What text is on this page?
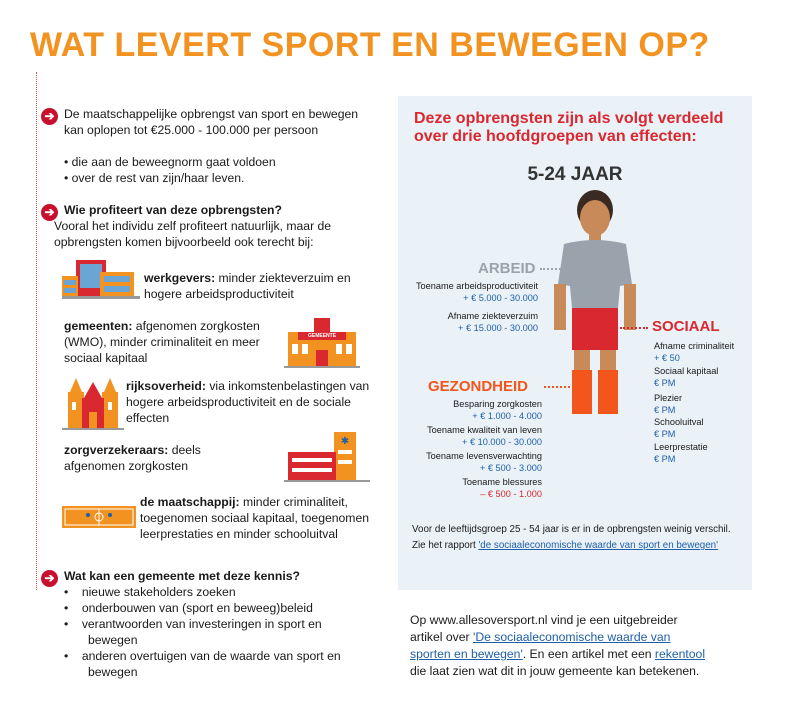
WAT LEVERT SPORT EN BEWEGEN OP?
➔ De maatschappelijke opbrengst van sport en bewegen kan oplopen tot €25.000 - 100.000 per persoon
• die aan de beweegnorm gaat voldoen
• over de rest van zijn/haar leven.
➔ Wie profiteert van deze opbrengsten?
Vooral het individu zelf profiteert natuurlijk, maar de opbrengsten komen bijvoorbeeld ook terecht bij:
werkgevers: minder ziekteverzuim en hogere arbeidsproductiviteit
gemeenten: afgenomen zorgkosten (WMO), minder criminaliteit en meer sociaal kapitaal
GEMEENTE
rijksoverheid: via inkomstenbelastingen van hogere arbeidsproductiviteit en de sociale effecten
zorgverzekeraars: deels afgenomen zorgkosten
✱
de maatschappij: minder criminaliteit, toegenomen sociaal kapitaal, toegenomen leerprestaties en minder schooluitval
➔ Wat kan een gemeente met deze kennis?
•    nieuwe stakeholders zoeken
•    onderbouwen van (sport en beweeg)beleid
•    verantwoorden van investeringen in sport en bewegen
•    anderen overtuigen van de waarde van sport en bewegen
Deze opbrengsten zijn als volgt verdeeld over drie hoofdgroepen van effecten:
5-24 JAAR
ARBEID
Toename arbeidsproductiviteit
+ € 5.000 - 30.000
Afname ziekteverzuim
+ € 15.000 - 30.000	SOCIAAL
Afname criminaliteit
+ € 50
Sociaal kapitaal
€ PM
Plezier
€ PM
Schooluitval
€ PM
Leerprestatie
€ PM
GEZONDHEID
Besparing zorgkosten
+ € 1.000 - 4.000
Toename kwaliteit van leven
+ € 10.000 - 30.000
Toename levensverwachting
+ € 500 - 3.000
Toename blessures
– € 500 - 1.000
Voor de leeftijdsgroep 25 - 54 jaar is er in de opbrengsten weinig verschil. Zie het rapport 'de sociaaleconomische waarde van sport en bewegen'
Op www.allesoversport.nl vind je een uitgebreider artikel over 'De sociaaleconomische waarde van sporten en bewegen'. En een artikel met een rekentool die laat zien wat dit in jouw gemeente kan betekenen.
